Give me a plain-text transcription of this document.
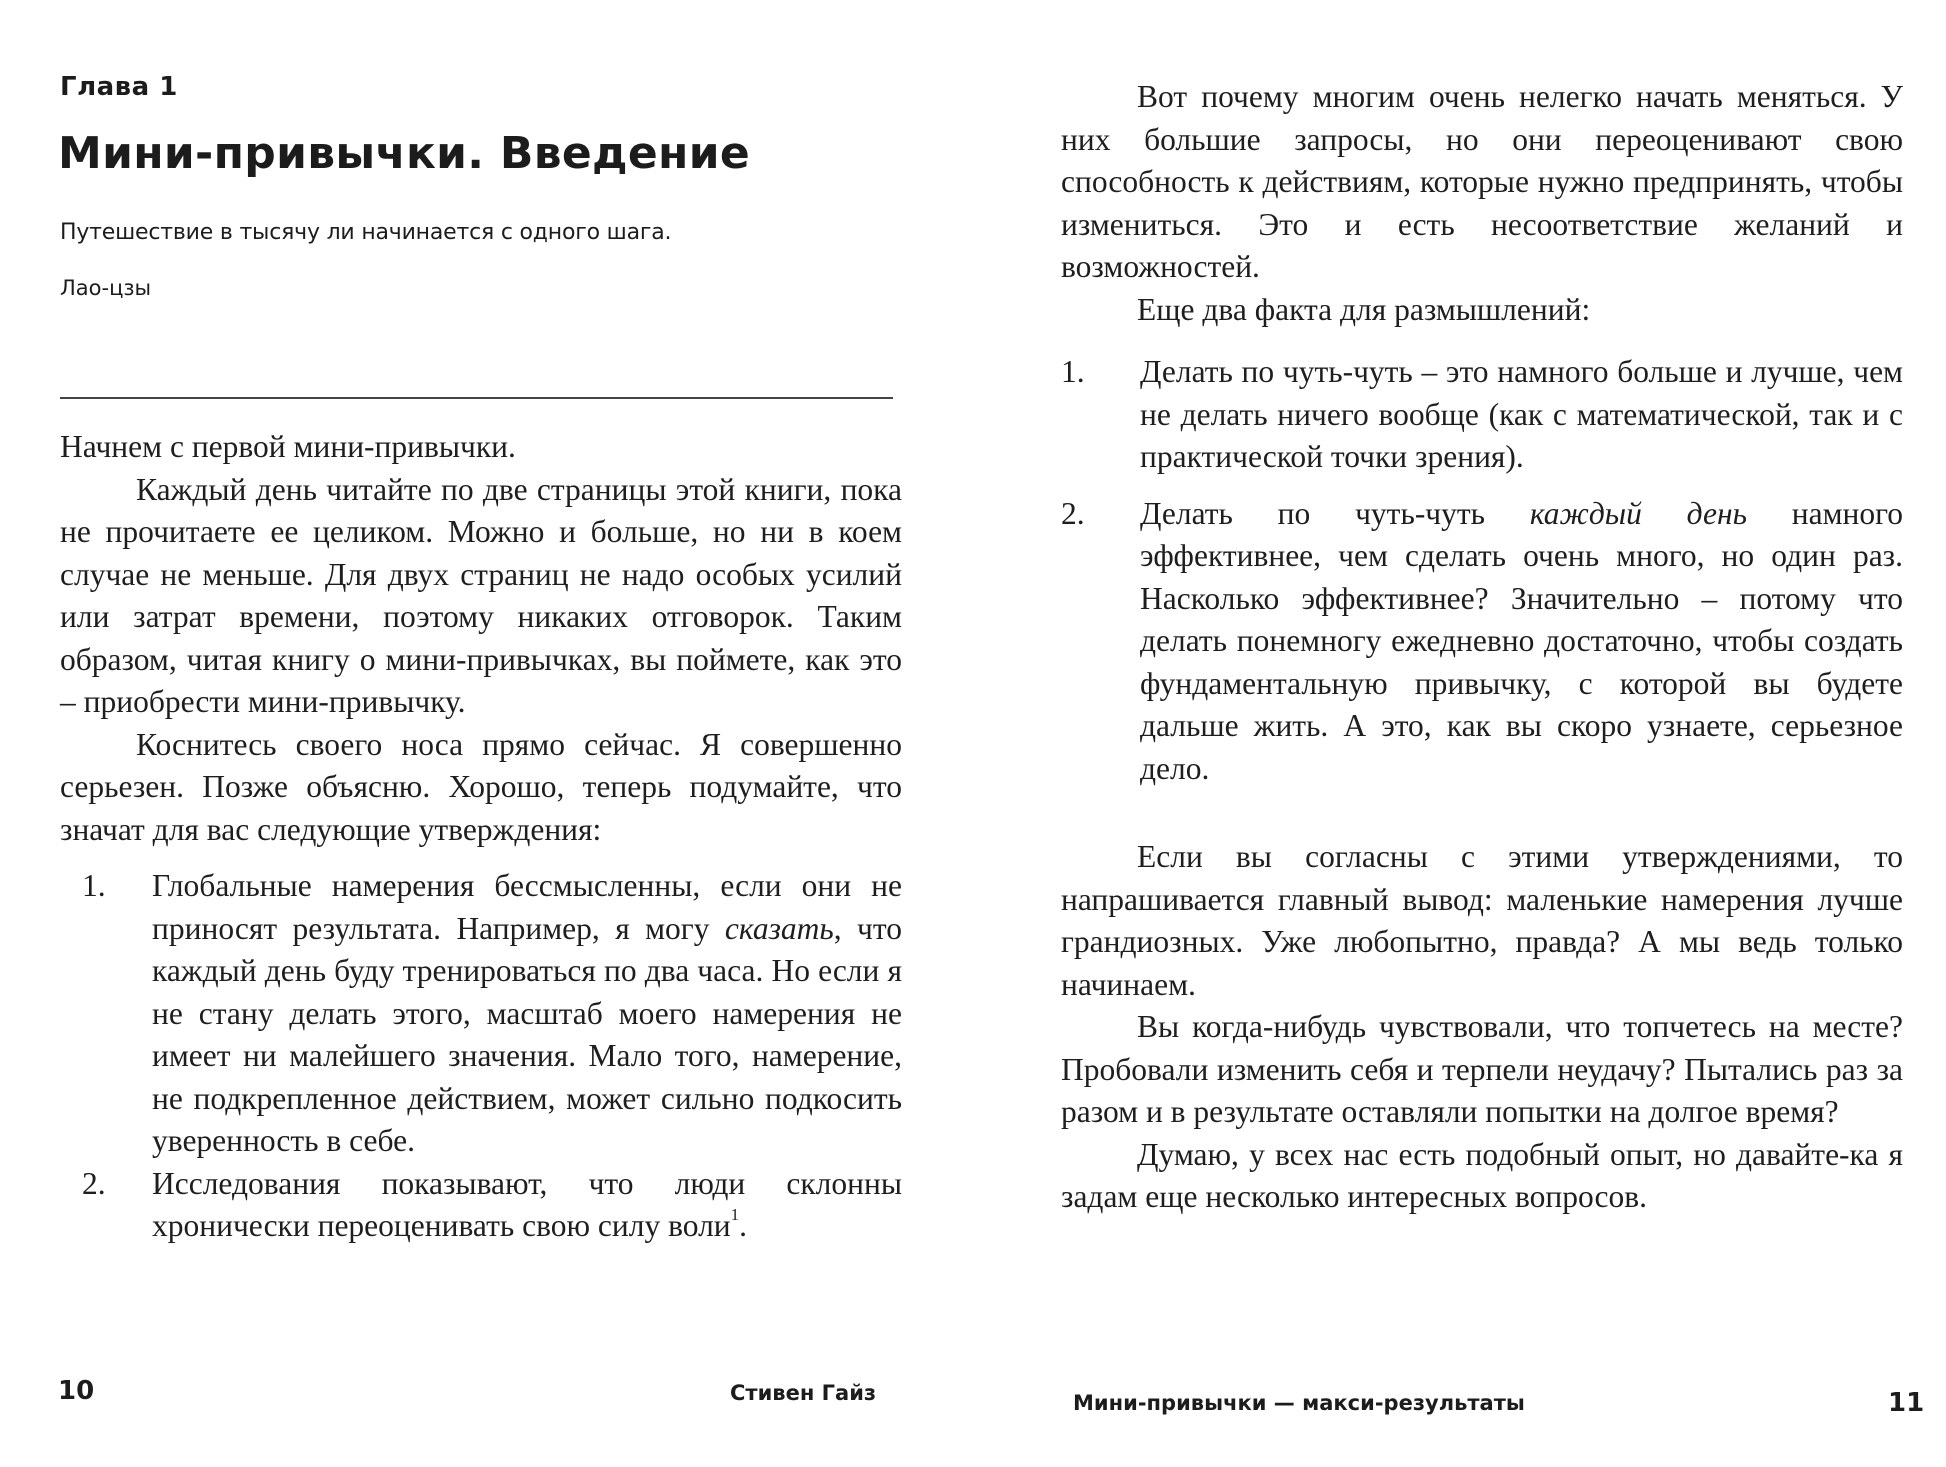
Глава 1
Мини-привычки. Введение
Путешествие в тысячу ли начинается с одного шага.
Лао-цзы

Начнем с первой мини-привычки.

Каждый день читайте по две страницы этой книги, пока не прочитаете ее целиком. Можно и больше, но ни в коем случае не меньше. Для двух страниц не надо особых усилий или затрат времени, поэтому никаких отговорок. Таким образом, читая книгу о мини-привычках, вы поймете, как это – приобрести мини-привычку.

Коснитесь своего носа прямо сейчас. Я совершенно серьезен. Позже объясню. Хорошо, теперь подумайте, что значат для вас следующие утверждения:

1. Глобальные намерения бессмысленны, если они не приносят результата. Например, я могу сказать, что каждый день буду тренироваться по два часа. Но если я не стану делать этого, масштаб моего намерения не имеет ни малейшего значения. Мало того, намерение, не подкрепленное действием, может сильно подкосить уверенность в себе.
2. Исследования показывают, что люди склонны хронически переоценивать свою силу воли$^1$.
10	Стивен Гайз

Вот почему многим очень нелегко начать меняться. У них большие запросы, но они переоценивают свою способность к действиям, которые нужно предпринять, чтобы измениться. Это и есть несоответствие желаний и возможностей.

Еще два факта для размышлений:

1. Делать по чуть-чуть – это намного больше и лучше, чем не делать ничего вообще (как с математической, так и с практической точки зрения).
2. Делать по чуть-чуть каждый день намного эффективнее, чем сделать очень много, но один раз. Насколько эффективнее? Значительно – потому что делать понемногу ежедневно достаточно, чтобы создать фундаментальную привычку, с которой вы будете дальше жить. А это, как вы скоро узнаете, серьезное дело.

Если вы согласны с этими утверждениями, то напрашивается главный вывод: маленькие намерения лучше грандиозных. Уже любопытно, правда? А мы ведь только начинаем.

Вы когда-нибудь чувствовали, что топчетесь на месте? Пробовали изменить себя и терпели неудачу? Пытались раз за разом и в результате оставляли попытки на долгое время?

Думаю, у всех нас есть подобный опыт, но давайте-ка я задам еще несколько интересных вопросов.

Мини-привычки — макси-результаты	11
